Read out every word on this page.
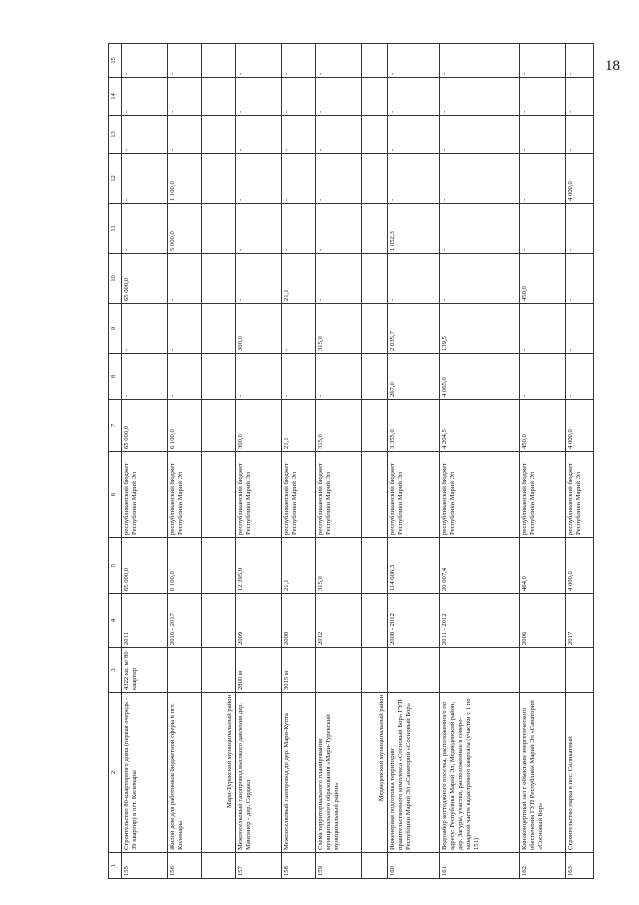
18
1	2	3	4	5	6	7	8	9	10	11	12	13	14	15
155	Строительство 80-квартирного дома (первая очередь - 39 квартир) в пгт. Килемары	4322 кв. м/ 80 квартир	2011	65 000,0	республиканский бюджет Республики Марий Эл	65 000,0	-	-	65 000,0	-	-	-	-	-
156	Жилой дом для работников бюджетной сферы в пгт. Килемары		2016 - 2017	6 100,0	республиканский бюджет Республики Марий Эл	6 100,0	-	-	-	5 000,0	1 100,0	-	-	-
	Мари-Турекский муниципальный район													
157	Межпоселковый газопровод высокого давления дер. Мансинер - дер. Сардаял	2800 м	2009	12 395,9	республиканский бюджет Республики Марий Эл	300,0	-	300,0	-	-	-	-	-	-
158	Межпоселковый газопровод до дер. Мари-Купта	3015 м	2008	21,1	республиканский бюджет Республики Марий Эл	21,1	-	-	21,1	-	-	-	-	-
159	Схема территориального планирования муниципального образования «Мари-Турекский муниципальный район»		2012	315,0	республиканский бюджет Республики Марий Эл	315,0	-	315,0	-	-	-	-	-	-
	Медведевский муниципальный район													
160	Инженерная подготовка территории правительственного комплекса «Сосновый Бор» ГУП Республики Марий Эл «Санаторий «Сосновый Бор»		2008 - 2012	114 606,3	республиканский бюджет Республики Марий Эл	3 355,0	267,0	2 035,7	-	1 052,3	-	-	-	-
161	Водозабор коттеджного поселка, расположенного по адресу: Республика Марий Эл, Медведевский район, дер. Загуры, участки, расположенные в северо-западной части кадастрового квартала (участки с 1 по 151)		2011 - 2012	20 007,4	республиканский бюджет Республики Марий Эл	4 204,5	4 065,0	139,5	-	-	-	-	-	-
162	Киноконцертный зал с объектами энергетического обеспечения ГУП Республики Марий Эл «Санаторий «Сосновый Бор»		2006	464,0	республиканский бюджет Республики Марий Эл	450,0	-	-	450,0	-	-	-	-	-
163	Строительство парка в пос. Силикатный		2017	4 000,0	республиканский бюджет Республики Марий Эл	4 000,0	-	-	-	-	4 000,0	-	-	-
